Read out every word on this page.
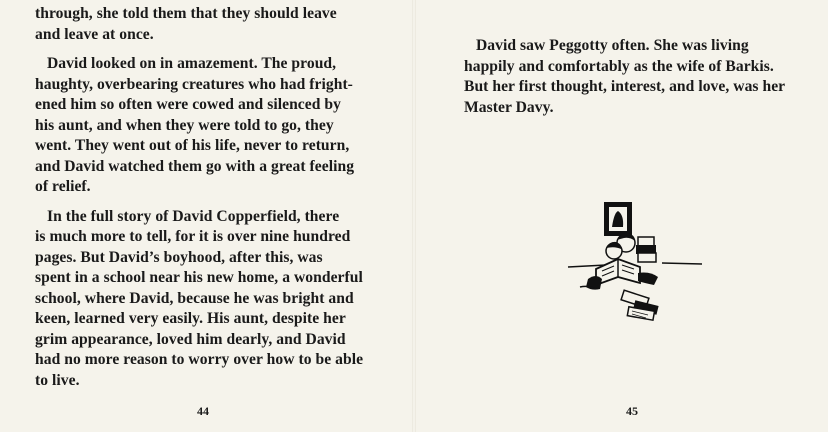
through, she told them that they should leave
and leave at once.

David looked on in amazement. The proud,
haughty, overbearing creatures who had fright-
ened him so often were cowed and silenced by
his aunt, and when they were told to go, they
went. They went out of his life, never to return,
and David watched them go with a great feeling
of relief.

In the full story of David Copperfield, there
is much more to tell, for it is over nine hundred
pages. But David’s boyhood, after this, was
spent in a school near his new home, a wonderful
school, where David, because he was bright and
keen, learned very easily. His aunt, despite her
grim appearance, loved him dearly, and David
had no more reason to worry over how to be able
to live.

44

David saw Peggotty often. She was living
happily and comfortably as the wife of Barkis.
But her first thought, interest, and love, was her
Master Davy.

45
